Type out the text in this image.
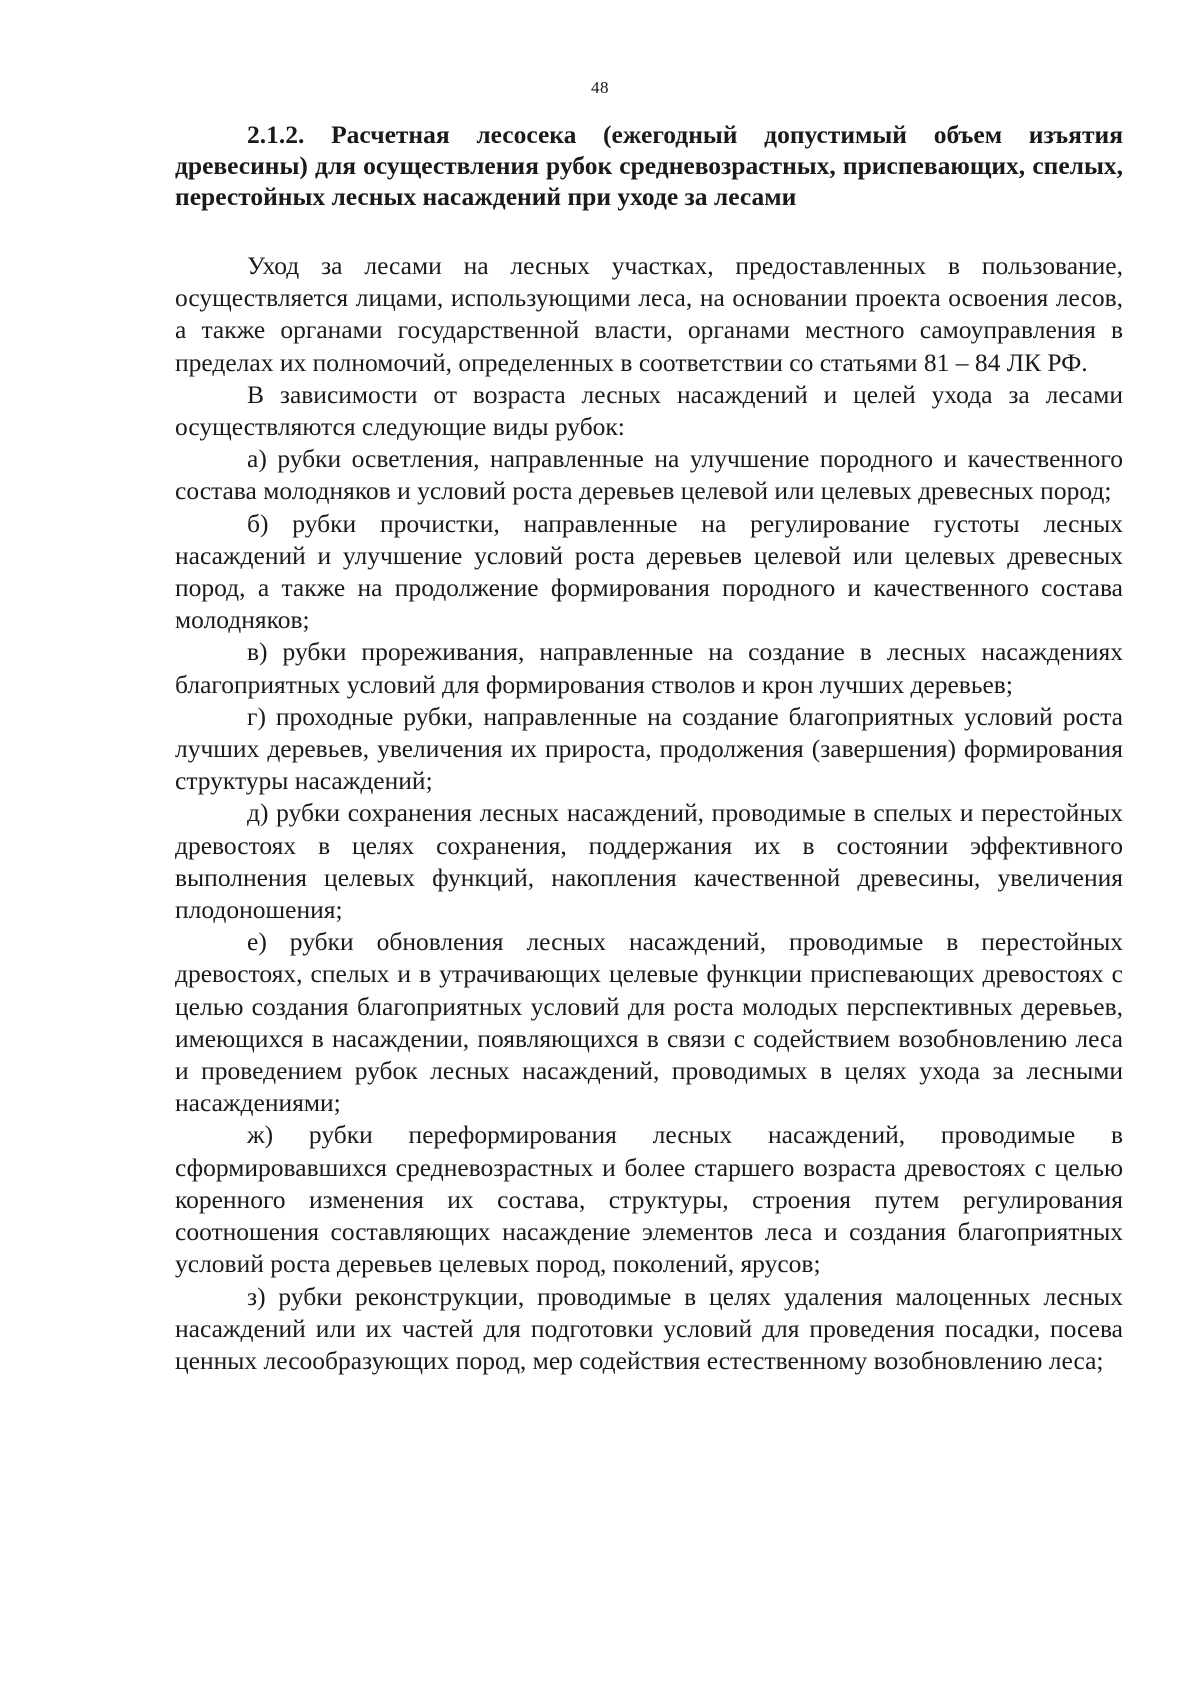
48
2.1.2. Расчетная лесосека (ежегодный допустимый объем изъятия древесины) для осуществления рубок средневозрастных, приспевающих, спелых, перестойных лесных насаждений при уходе за лесами

Уход за лесами на лесных участках, предоставленных в пользование, осуществляется лицами, использующими леса, на основании проекта освоения лесов, а также органами государственной власти, органами местного самоуправления в пределах их полномочий, определенных в соответствии со статьями 81 – 84 ЛК РФ.

В зависимости от возраста лесных насаждений и целей ухода за лесами осуществляются следующие виды рубок:

а) рубки осветления, направленные на улучшение породного и качественного состава молодняков и условий роста деревьев целевой или целевых древесных пород;

б) рубки прочистки, направленные на регулирование густоты лесных насаждений и улучшение условий роста деревьев целевой или целевых древесных пород, а также на продолжение формирования породного и качественного состава молодняков;

в) рубки прореживания, направленные на создание в лесных насаждениях благоприятных условий для формирования стволов и крон лучших деревьев;

г) проходные рубки, направленные на создание благоприятных условий роста лучших деревьев, увеличения их прироста, продолжения (завершения) формирования структуры насаждений;

д) рубки сохранения лесных насаждений, проводимые в спелых и перестойных древостоях в целях сохранения, поддержания их в состоянии эффективного выполнения целевых функций, накопления качественной древесины, увеличения плодоношения;

е) рубки обновления лесных насаждений, проводимые в перестойных древостоях, спелых и в утрачивающих целевые функции приспевающих древостоях с целью создания благоприятных условий для роста молодых перспективных деревьев, имеющихся в насаждении, появляющихся в связи с содействием возобновлению леса и проведением рубок лесных насаждений, проводимых в целях ухода за лесными насаждениями;

ж) рубки переформирования лесных насаждений, проводимые в сформировавшихся средневозрастных и более старшего возраста древостоях с целью коренного изменения их состава, структуры, строения путем регулирования соотношения составляющих насаждение элементов леса и создания благоприятных условий роста деревьев целевых пород, поколений, ярусов;

з) рубки реконструкции, проводимые в целях удаления малоценных лесных насаждений или их частей для подготовки условий для проведения посадки, посева ценных лесообразующих пород, мер содействия естественному возобновлению леса;
